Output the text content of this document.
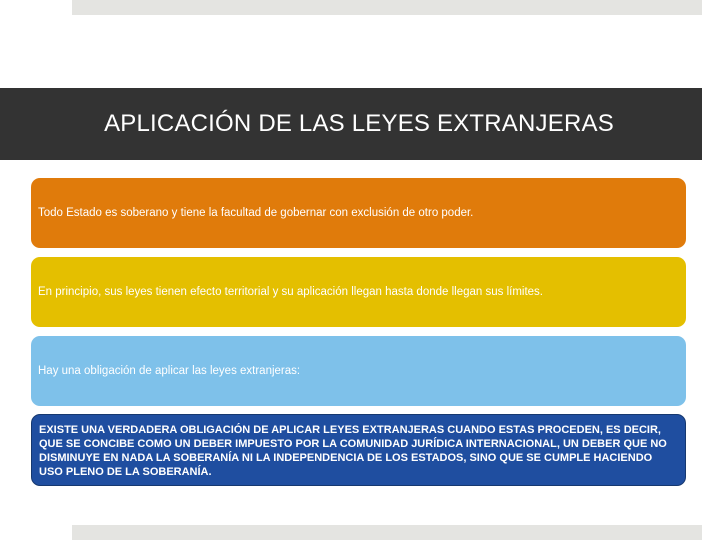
APLICACIÓN DE LAS LEYES EXTRANJERAS
Todo Estado es soberano y tiene la facultad de gobernar con exclusión de otro poder.
En principio, sus leyes tienen efecto territorial y su aplicación llegan hasta donde llegan sus límites.
Hay una obligación de aplicar las leyes extranjeras:
EXISTE UNA VERDADERA OBLIGACIÓN DE APLICAR LEYES EXTRANJERAS CUANDO ESTAS PROCEDEN, ES DECIR, QUE SE CONCIBE COMO UN DEBER IMPUESTO POR LA COMUNIDAD JURÍDICA INTERNACIONAL, UN DEBER QUE NO DISMINUYE EN NADA LA SOBERANÍA NI LA INDEPENDENCIA DE LOS ESTADOS, SINO QUE SE CUMPLE HACIENDO USO PLENO DE LA SOBERANÍA.
